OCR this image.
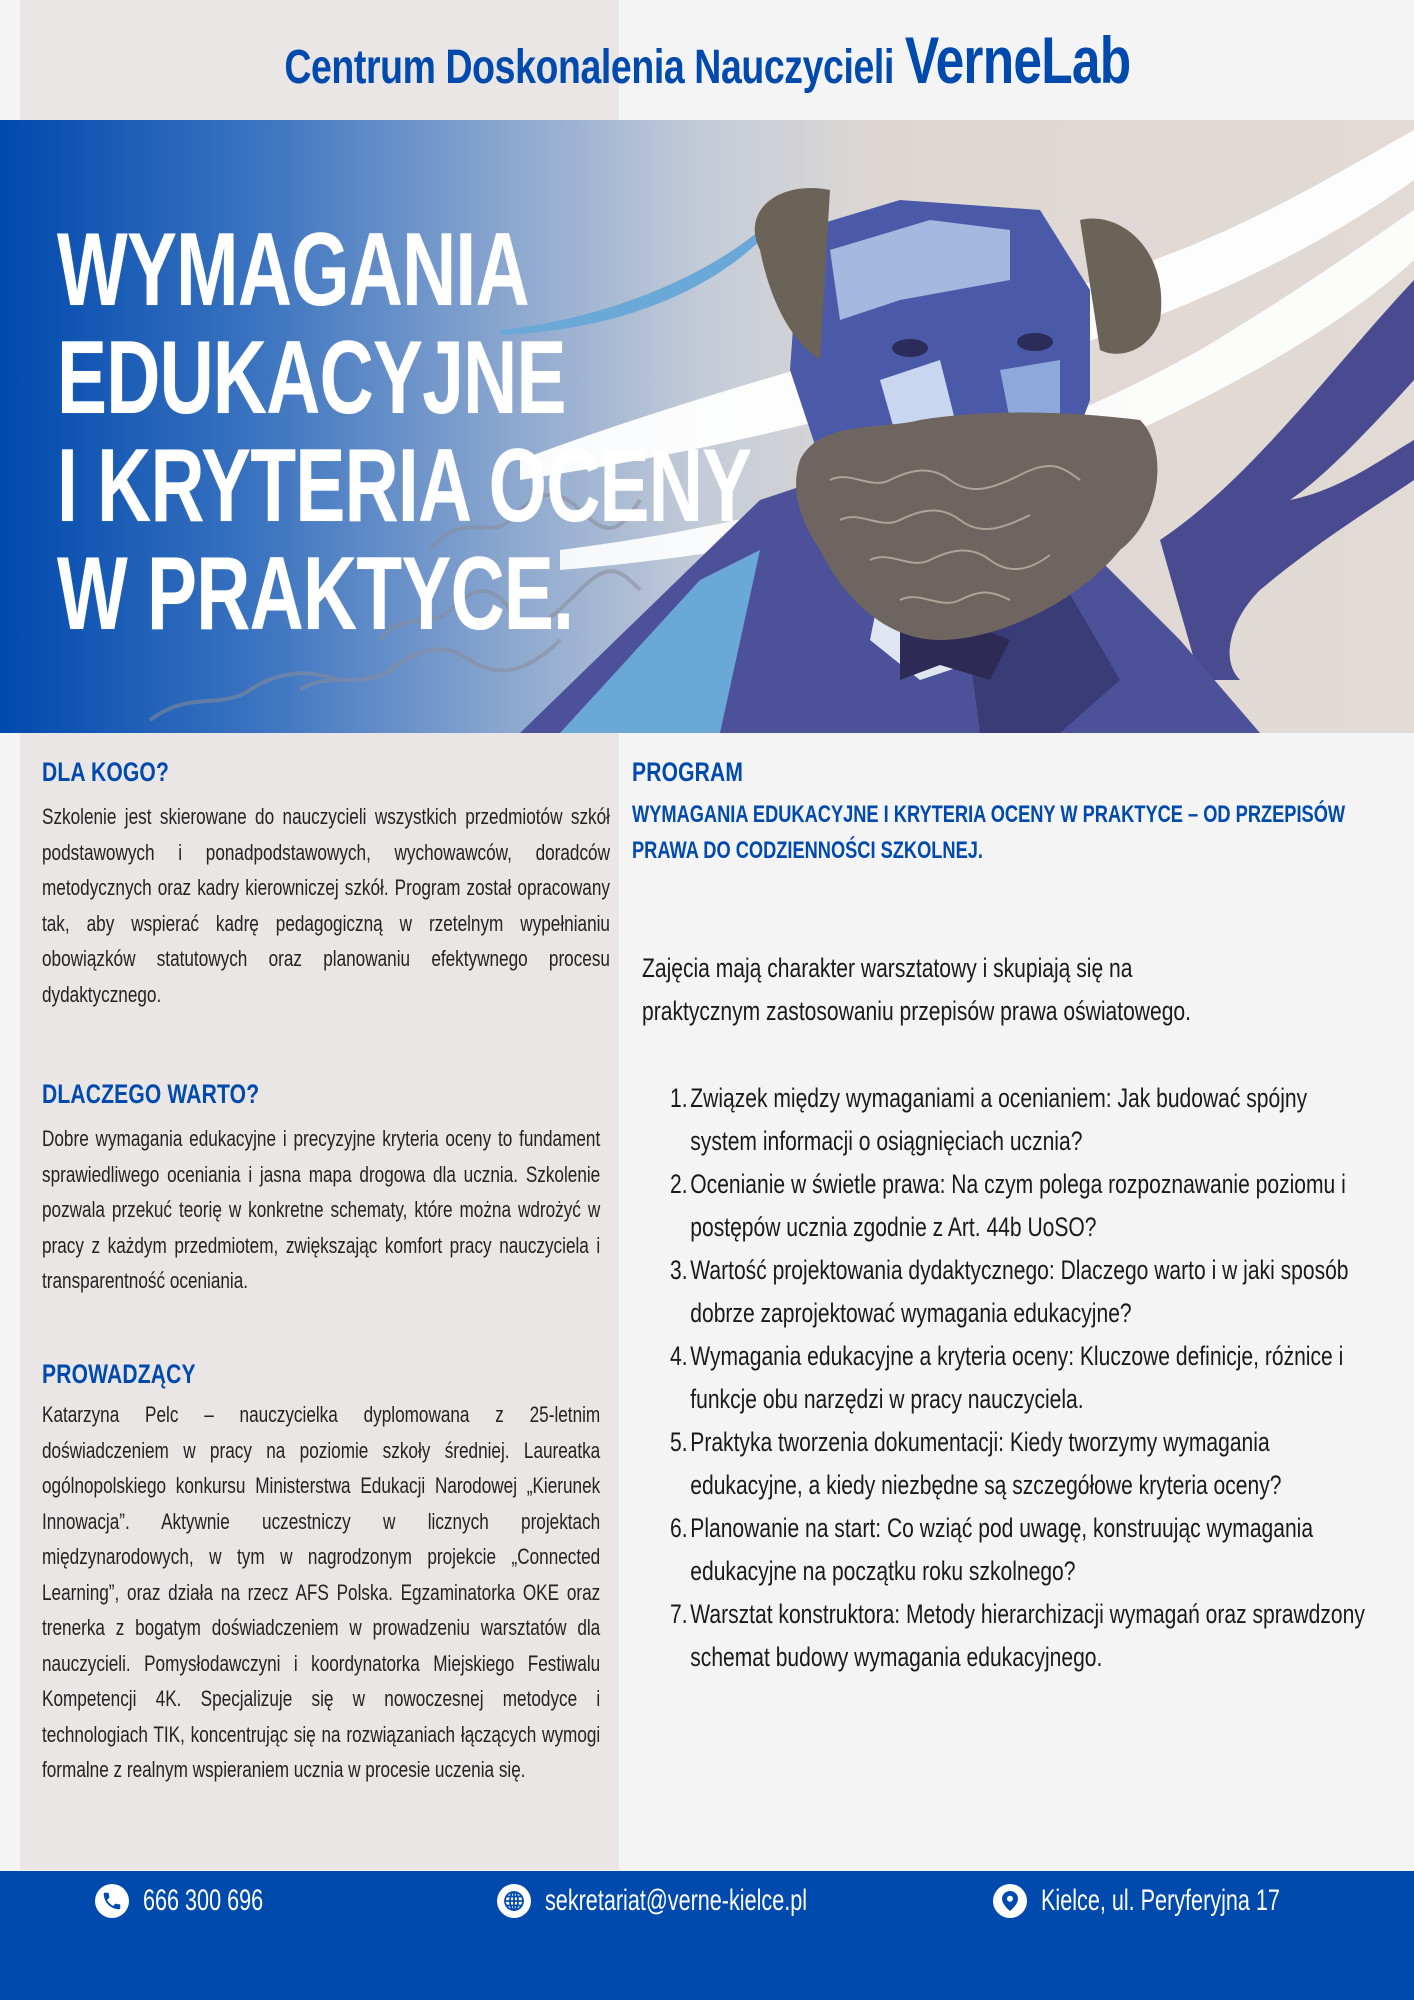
Centrum Doskonalenia Nauczycieli VerneLab
WYMAGANIA
EDUKACYJNE
I KRYTERIA OCENY
W PRAKTYCE.
DLA KOGO?

Szkolenie jest skierowane do nauczycieli wszystkich przedmiotów szkół podstawowych i ponadpodstawowych, wychowawców, doradców metodycznych oraz kadry kierowniczej szkół. Program został opracowany tak, aby wspierać kadrę pedagogiczną w rzetelnym wypełnianiu obowiązków statutowych oraz planowaniu efektywnego procesu dydaktycznego.

DLACZEGO WARTO?

Dobre wymagania edukacyjne i precyzyjne kryteria oceny to fundament sprawiedliwego oceniania i jasna mapa drogowa dla ucznia. Szkolenie pozwala przekuć teorię w konkretne schematy, które można wdrożyć w pracy z każdym przedmiotem, zwiększając komfort pracy nauczyciela i transparentność oceniania.

PROWADZĄCY

Katarzyna Pelc – nauczycielka dyplomowana z 25-letnim doświadczeniem w pracy na poziomie szkoły średniej. Laureatka ogólnopolskiego konkursu Ministerstwa Edukacji Narodowej „Kierunek Innowacja”. Aktywnie uczestniczy w licznych projektach międzynarodowych, w tym w nagrodzonym projekcie „Connected Learning”, oraz działa na rzecz AFS Polska. Egzaminatorka OKE oraz trenerka z bogatym doświadczeniem w prowadzeniu warsztatów dla nauczycieli. Pomysłodawczyni i koordynatorka Miejskiego Festiwalu Kompetencji 4K. Specjalizuje się w nowoczesnej metodyce i technologiach TIK, koncentrując się na rozwiązaniach łączących wymogi formalne z realnym wspieraniem ucznia w procesie uczenia się.

PROGRAM

WYMAGANIA EDUKACYJNE I KRYTERIA OCENY W PRAKTYCE – OD PRZEPISÓW PRAWA DO CODZIENNOŚCI SZKOLNEJ.

Zajęcia mają charakter warsztatowy i skupiają się na praktycznym zastosowaniu przepisów prawa oświatowego.

1. Związek między wymaganiami a ocenianiem: Jak budować spójny system informacji o osiągnięciach ucznia?
2. Ocenianie w świetle prawa: Na czym polega rozpoznawanie poziomu i postępów ucznia zgodnie z Art. 44b UoSO?
3. Wartość projektowania dydaktycznego: Dlaczego warto i w jaki sposób dobrze zaprojektować wymagania edukacyjne?
4. Wymagania edukacyjne a kryteria oceny: Kluczowe definicje, różnice i funkcje obu narzędzi w pracy nauczyciela.
5. Praktyka tworzenia dokumentacji: Kiedy tworzymy wymagania edukacyjne, a kiedy niezbędne są szczegółowe kryteria oceny?
6. Planowanie na start: Co wziąć pod uwagę, konstruując wymagania edukacyjne na początku roku szkolnego?
7. Warsztat konstruktora: Metody hierarchizacji wymagań oraz sprawdzony schemat budowy wymagania edukacyjnego.
666 300 696	sekretariat@verne-kielce.pl	Kielce, ul. Peryferyjna 17
